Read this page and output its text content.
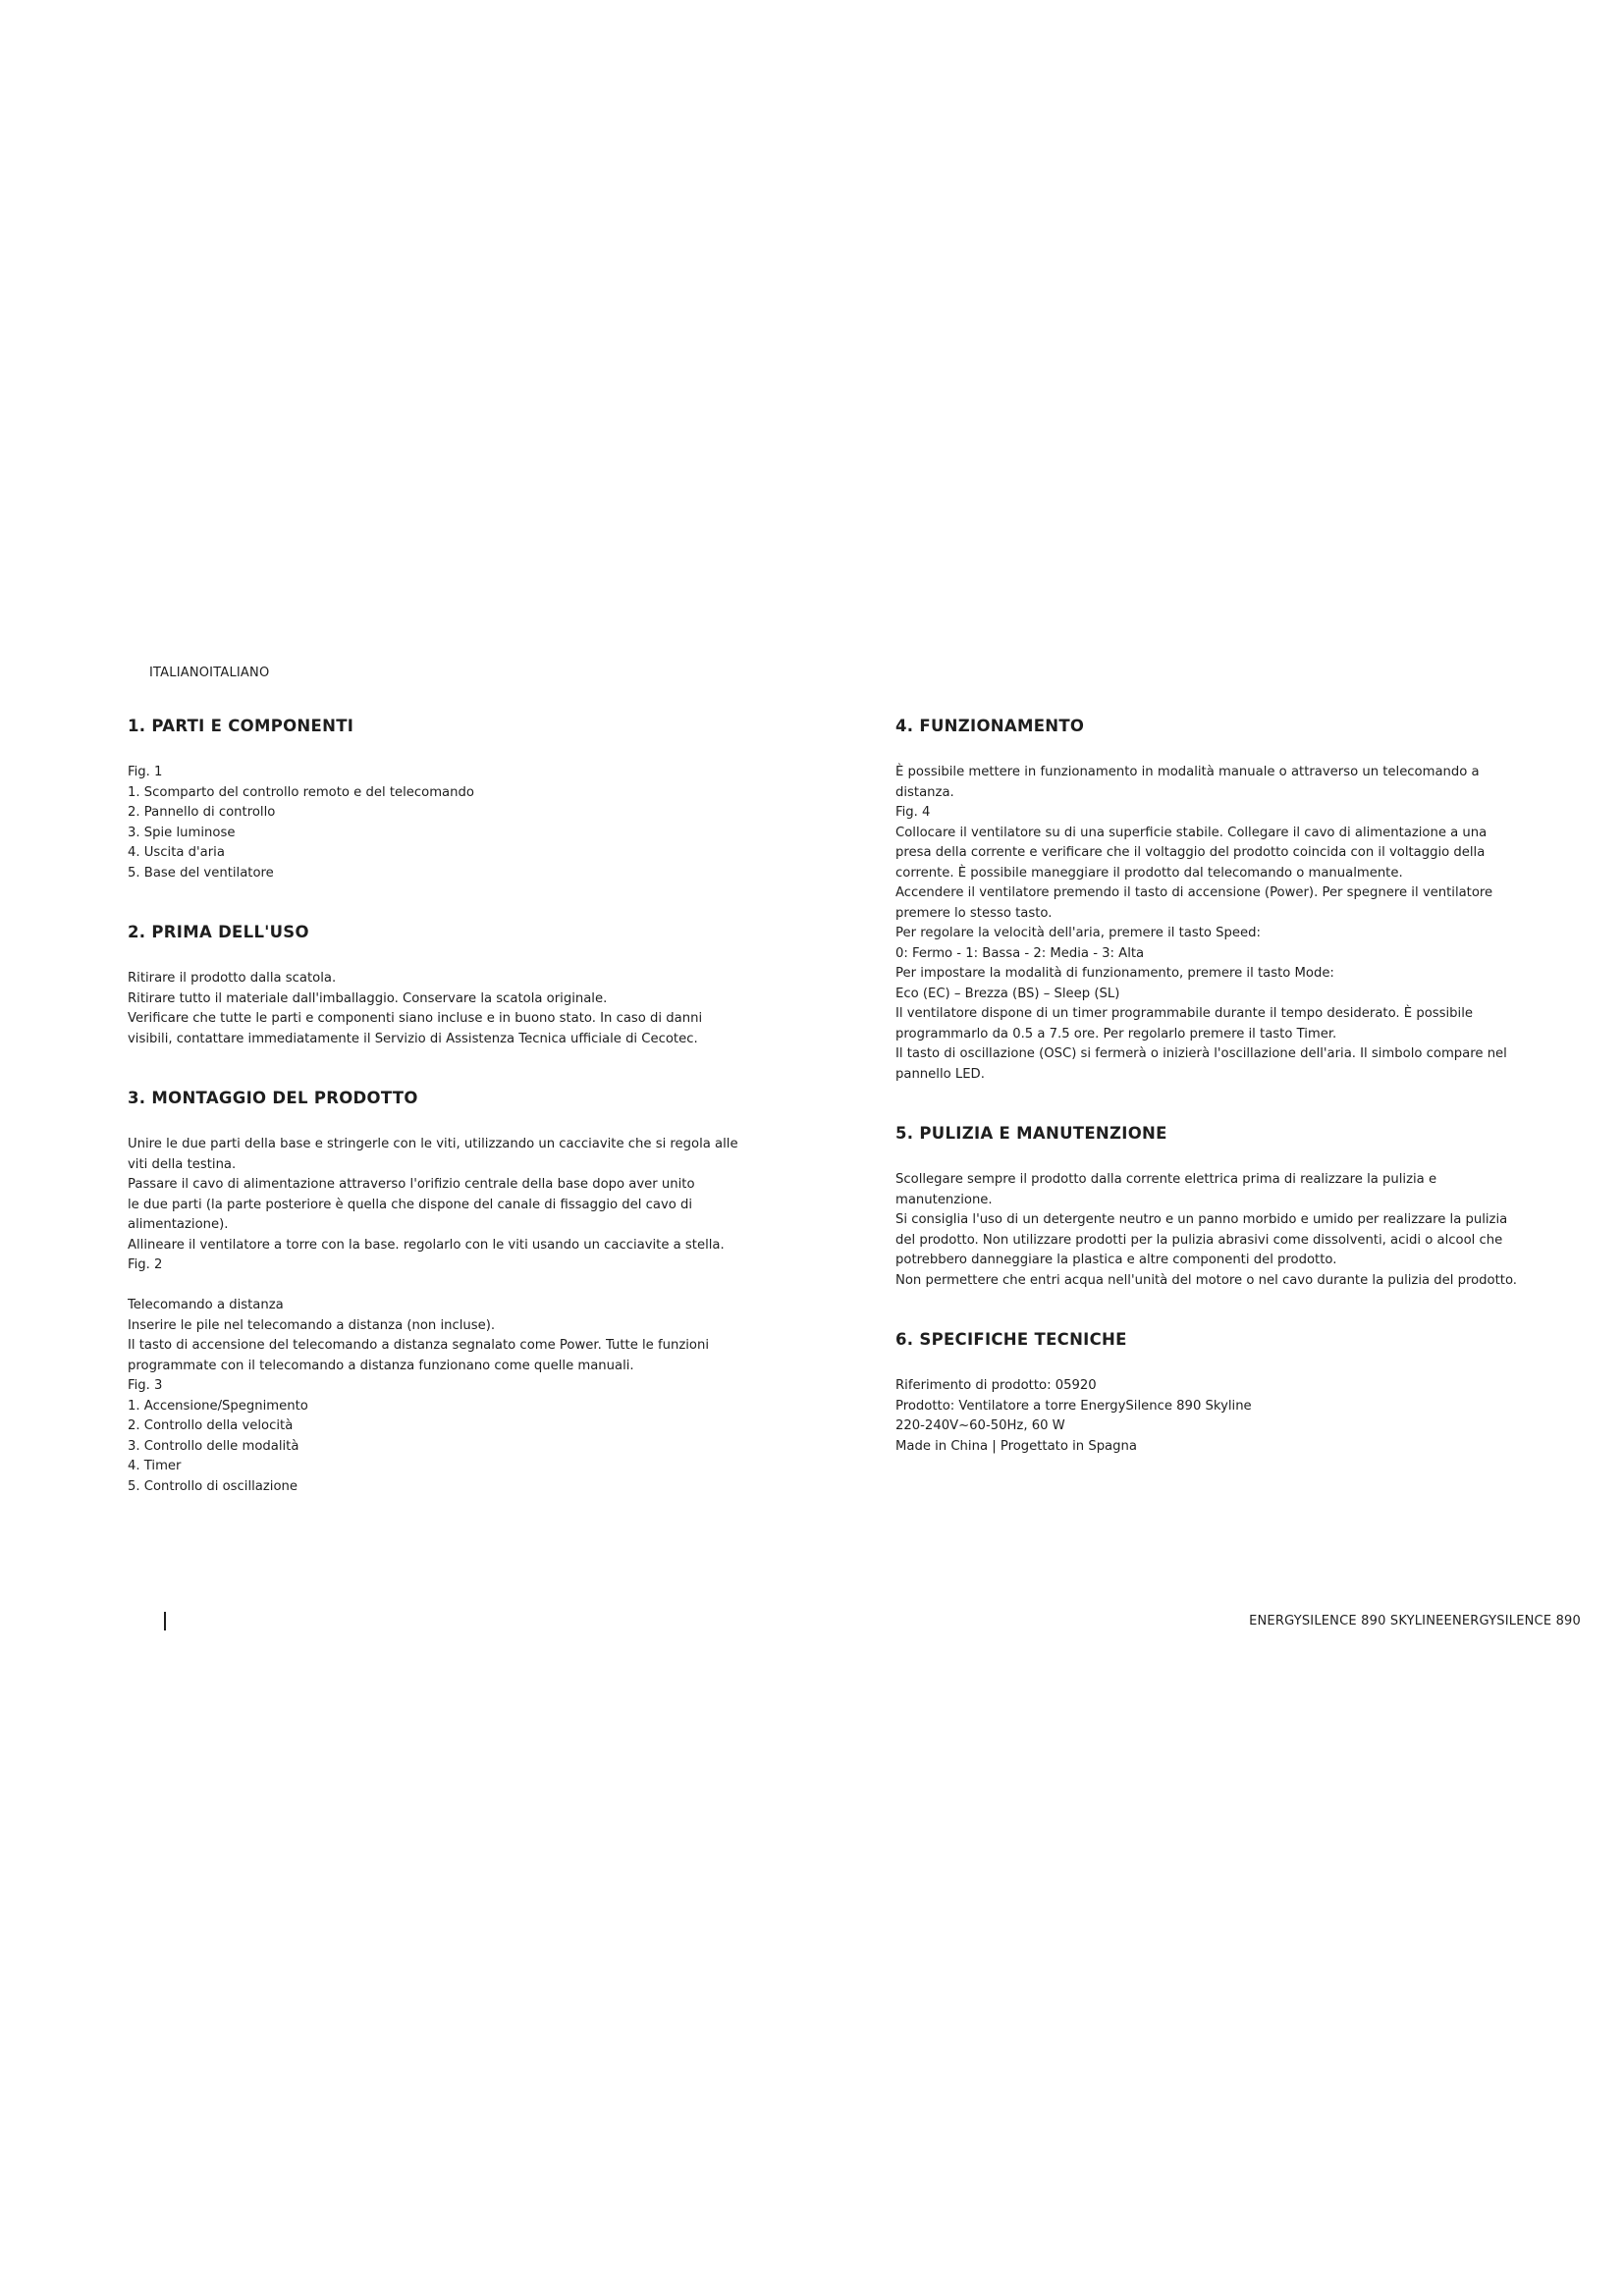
ITALIANOITALIANO
1. PARTI E COMPONENTI
Fig. 1
1. Scomparto del controllo remoto e del telecomando
2. Pannello di controllo
3. Spie luminose
4. Uscita d'aria
5. Base del ventilatore
2. PRIMA DELL'USO
Ritirare il prodotto dalla scatola.
Ritirare tutto il materiale dall'imballaggio. Conservare la scatola originale.
Verificare che tutte le parti e componenti siano incluse e in buono stato. In caso di danni
visibili, contattare immediatamente il Servizio di Assistenza Tecnica ufficiale di Cecotec.
3. MONTAGGIO DEL PRODOTTO
Unire le due parti della base e stringerle con le viti, utilizzando un cacciavite che si regola alle
viti della testina.
Passare il cavo di alimentazione attraverso l'orifizio centrale della base dopo aver unito
le due parti (la parte posteriore è quella che dispone del canale di fissaggio del cavo di
alimentazione).
Allineare il ventilatore a torre con la base. regolarlo con le viti usando un cacciavite a stella.
Fig. 2
Telecomando a distanza
Inserire le pile nel telecomando a distanza (non incluse).
Il tasto di accensione del telecomando a distanza segnalato come Power. Tutte le funzioni
programmate con il telecomando a distanza funzionano come quelle manuali.
Fig. 3
1. Accensione/Spegnimento
2. Controllo della velocità
3. Controllo delle modalità
4. Timer
5. Controllo di oscillazione
4. FUNZIONAMENTO
È possibile mettere in funzionamento in modalità manuale o attraverso un telecomando a
distanza.
Fig. 4
Collocare il ventilatore su di una superficie stabile. Collegare il cavo di alimentazione a una
presa della corrente e verificare che il voltaggio del prodotto coincida con il voltaggio della
corrente. È possibile maneggiare il prodotto dal telecomando o manualmente.
Accendere il ventilatore premendo il tasto di accensione (Power). Per spegnere il ventilatore
premere lo stesso tasto.
Per regolare la velocità dell'aria, premere il tasto Speed:
0: Fermo - 1: Bassa - 2: Media - 3: Alta
Per impostare la modalità di funzionamento, premere il tasto Mode:
Eco (EC) – Brezza (BS) – Sleep (SL)
Il ventilatore dispone di un timer programmabile durante il tempo desiderato. È possibile
programmarlo da 0.5 a 7.5 ore. Per regolarlo premere il tasto Timer.
Il tasto di oscillazione (OSC) si fermerà o inizierà l'oscillazione dell'aria. Il simbolo compare nel
pannello LED.
5. PULIZIA E MANUTENZIONE
Scollegare sempre il prodotto dalla corrente elettrica prima di realizzare la pulizia e
manutenzione.
Si consiglia l'uso di un detergente neutro e un panno morbido e umido per realizzare la pulizia
del prodotto. Non utilizzare prodotti per la pulizia abrasivi come dissolventi, acidi o alcool che
potrebbero danneggiare la plastica e altre componenti del prodotto.
Non permettere che entri acqua nell'unità del motore o nel cavo durante la pulizia del prodotto.
6. SPECIFICHE TECNICHE
Riferimento di prodotto: 05920
Prodotto: Ventilatore a torre EnergySilence 890 Skyline
220-240V~60-50Hz, 60 W
Made in China | Progettato in Spagna
ENERGYSILENCE 890 SKYLINEENERGYSILENCE 890
